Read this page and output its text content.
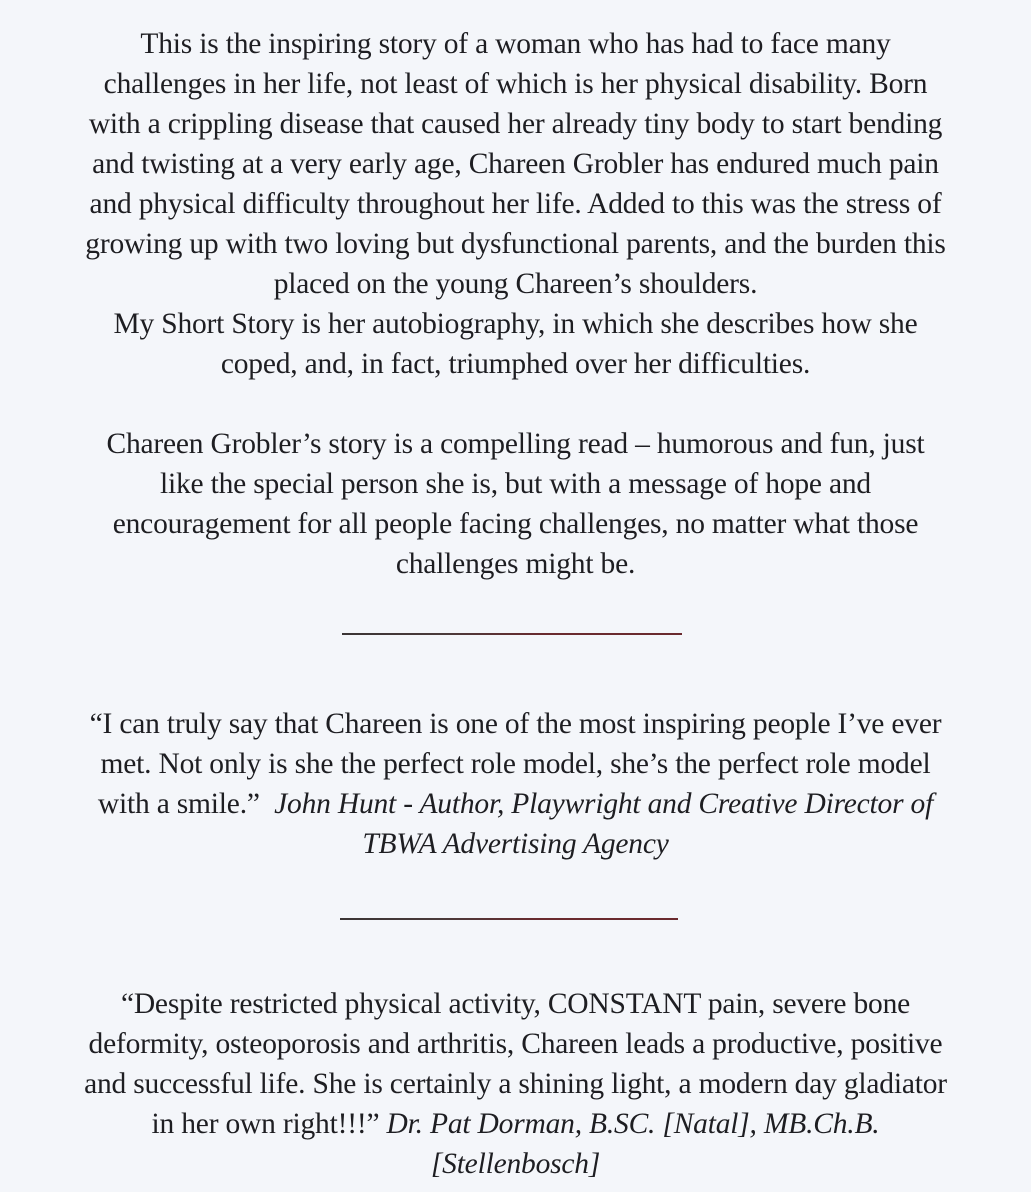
This is the inspiring story of a woman who has had to face many
challenges in her life, not least of which is her physical disability. Born
with a crippling disease that caused her already tiny body to start bending
and twisting at a very early age, Chareen Grobler has endured much pain
and physical difficulty throughout her life. Added to this was the stress of
growing up with two loving but dysfunctional parents, and the burden this
placed on the young Chareen’s shoulders.
My Short Story is her autobiography, in which she describes how she
coped, and, in fact, triumphed over her difficulties.
Chareen Grobler’s story is a compelling read – humorous and fun, just
like the special person she is, but with a message of hope and
encouragement for all people facing challenges, no matter what those
challenges might be.
“I can truly say that Chareen is one of the most inspiring people I’ve ever
met. Not only is she the perfect role model, she’s the perfect role model
with a smile.” John Hunt - Author, Playwright and Creative Director of
TBWA Advertising Agency
“Despite restricted physical activity, CONSTANT pain, severe bone
deformity, osteoporosis and arthritis, Chareen leads a productive, positive
and successful life. She is certainly a shining light, a modern day gladiator
in her own right!!!” Dr. Pat Dorman, B.SC. [Natal], MB.Ch.B.
[Stellenbosch]
